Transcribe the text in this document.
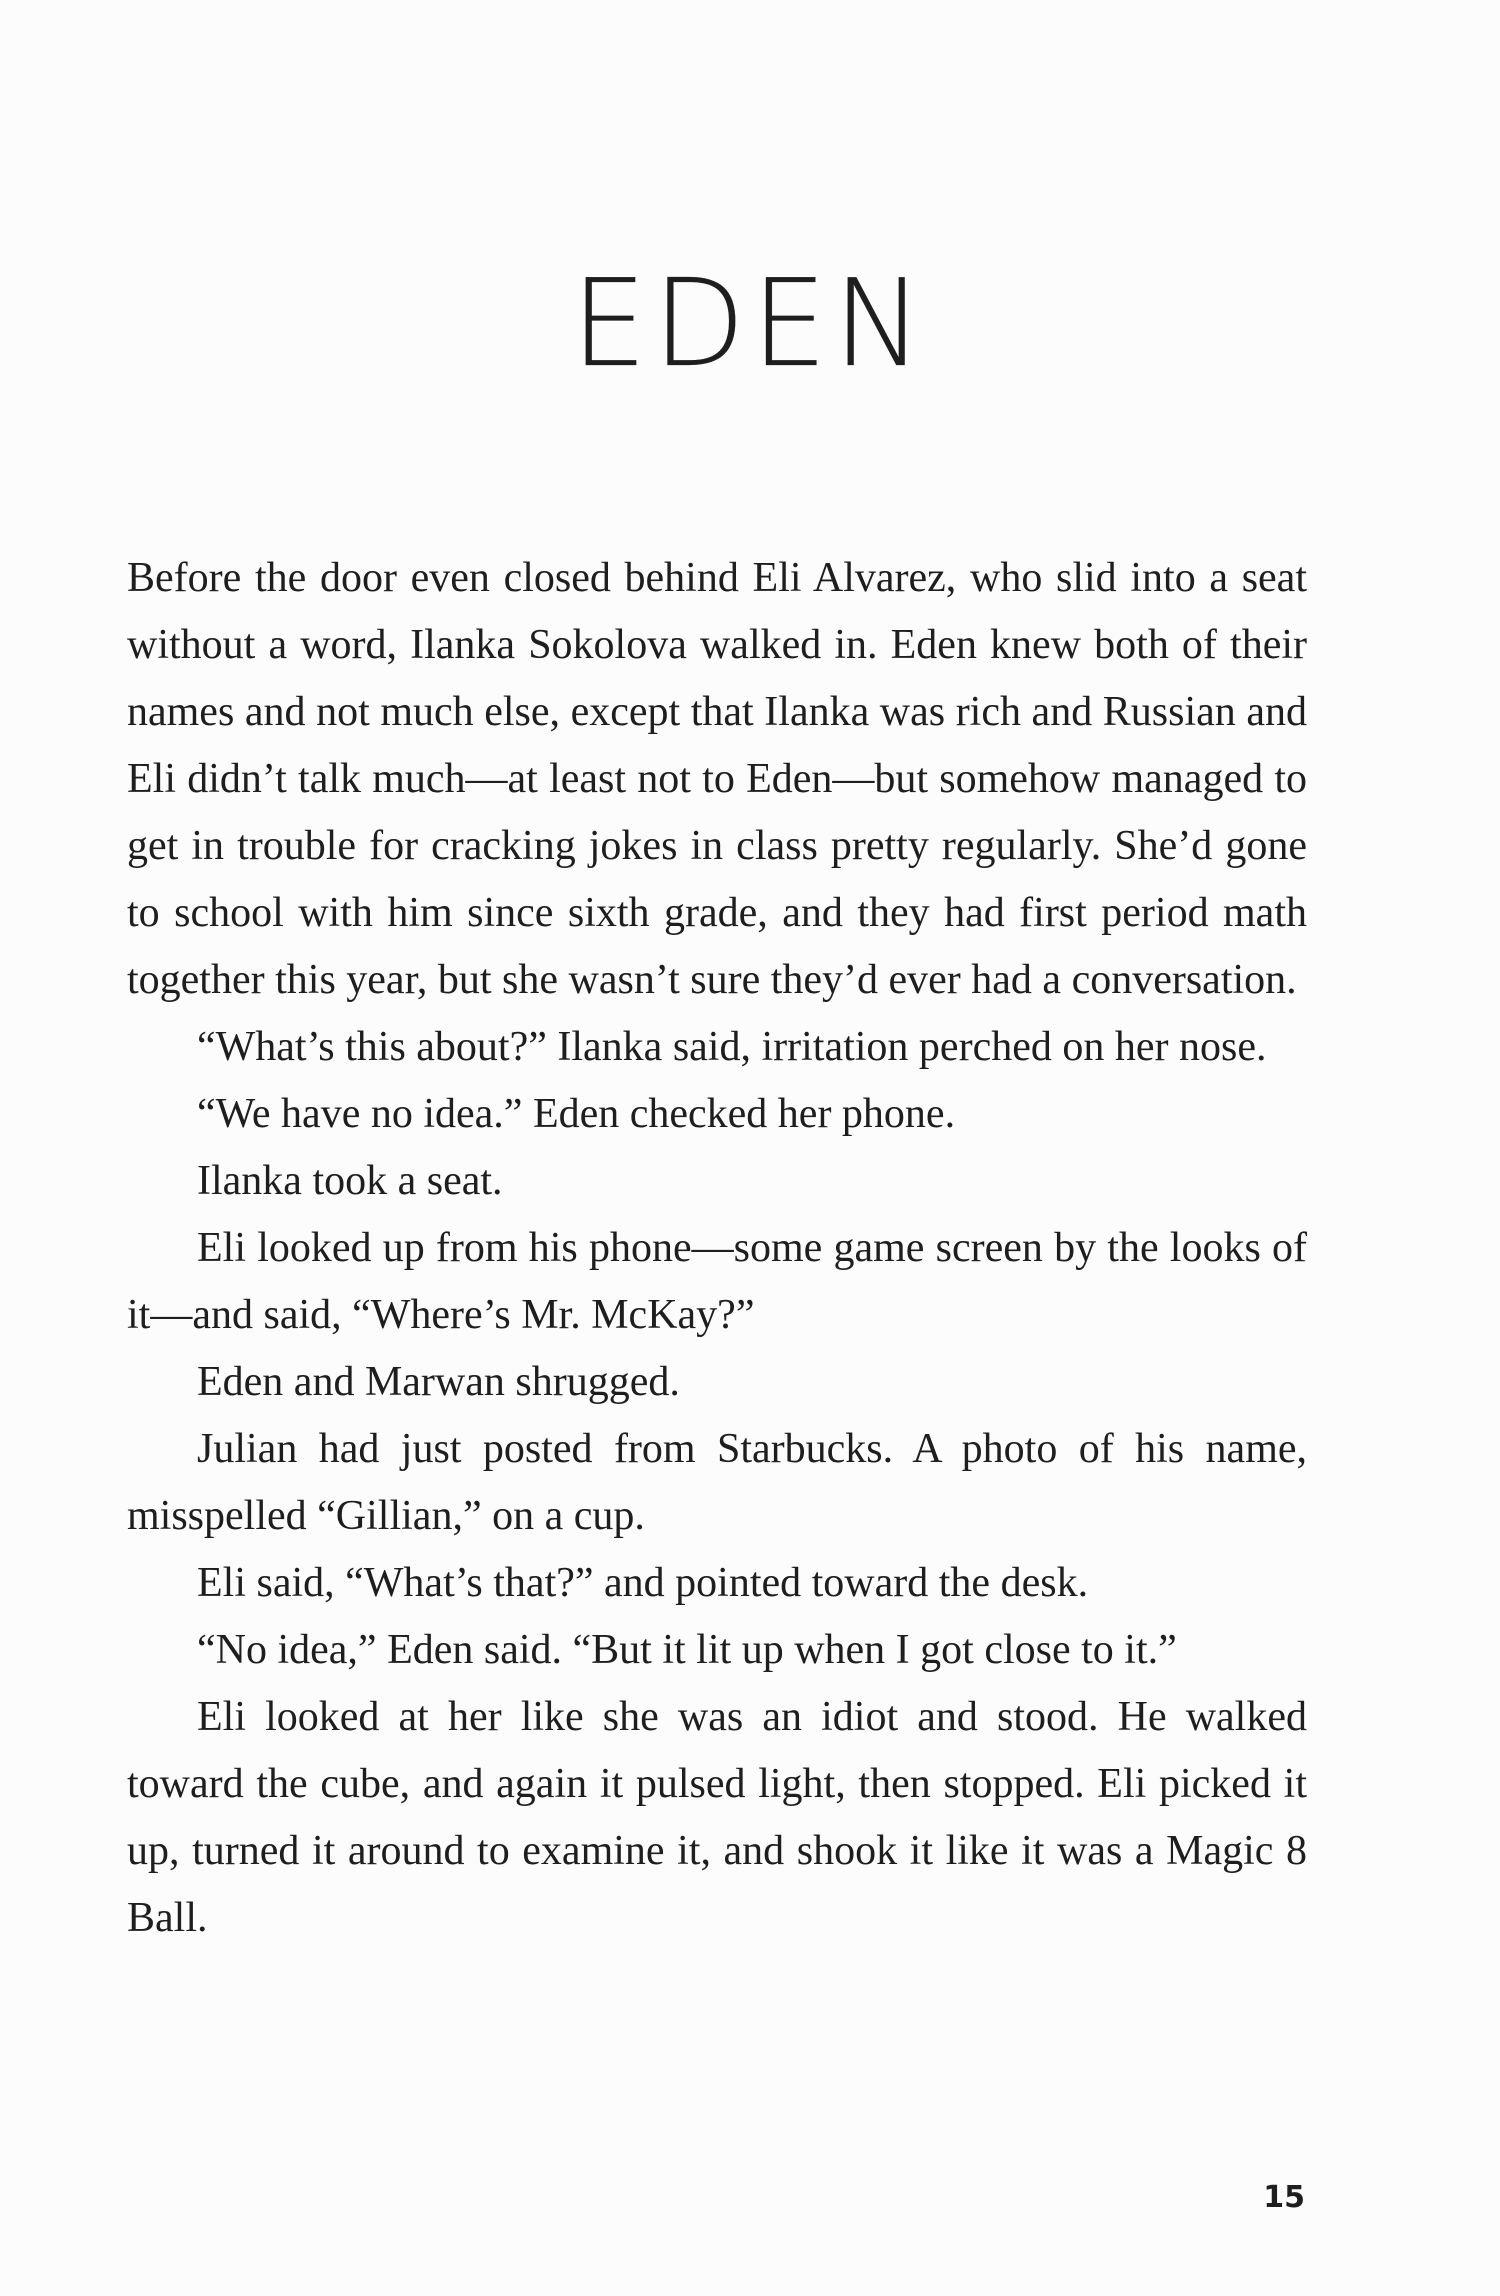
EDEN

Before the door even closed behind Eli Alvarez, who slid into a seat without a word, Ilanka Sokolova walked in. Eden knew both of their names and not much else, except that Ilanka was rich and Russian and Eli didn’t talk much—at least not to Eden—but somehow managed to get in trouble for cracking jokes in class pretty regularly. She’d gone to school with him since sixth grade, and they had first period math together this year, but she wasn’t sure they’d ever had a conversation.

“What’s this about?” Ilanka said, irritation perched on her nose.

“We have no idea.” Eden checked her phone.

Ilanka took a seat.

Eli looked up from his phone—some game screen by the looks of it—and said, “Where’s Mr. McKay?”

Eden and Marwan shrugged.

Julian had just posted from Starbucks. A photo of his name, misspelled “Gillian,” on a cup.

Eli said, “What’s that?” and pointed toward the desk.

“No idea,” Eden said. “But it lit up when I got close to it.”

Eli looked at her like she was an idiot and stood. He walked toward the cube, and again it pulsed light, then stopped. Eli picked it up, turned it around to examine it, and shook it like it was a Magic 8 Ball.

15
